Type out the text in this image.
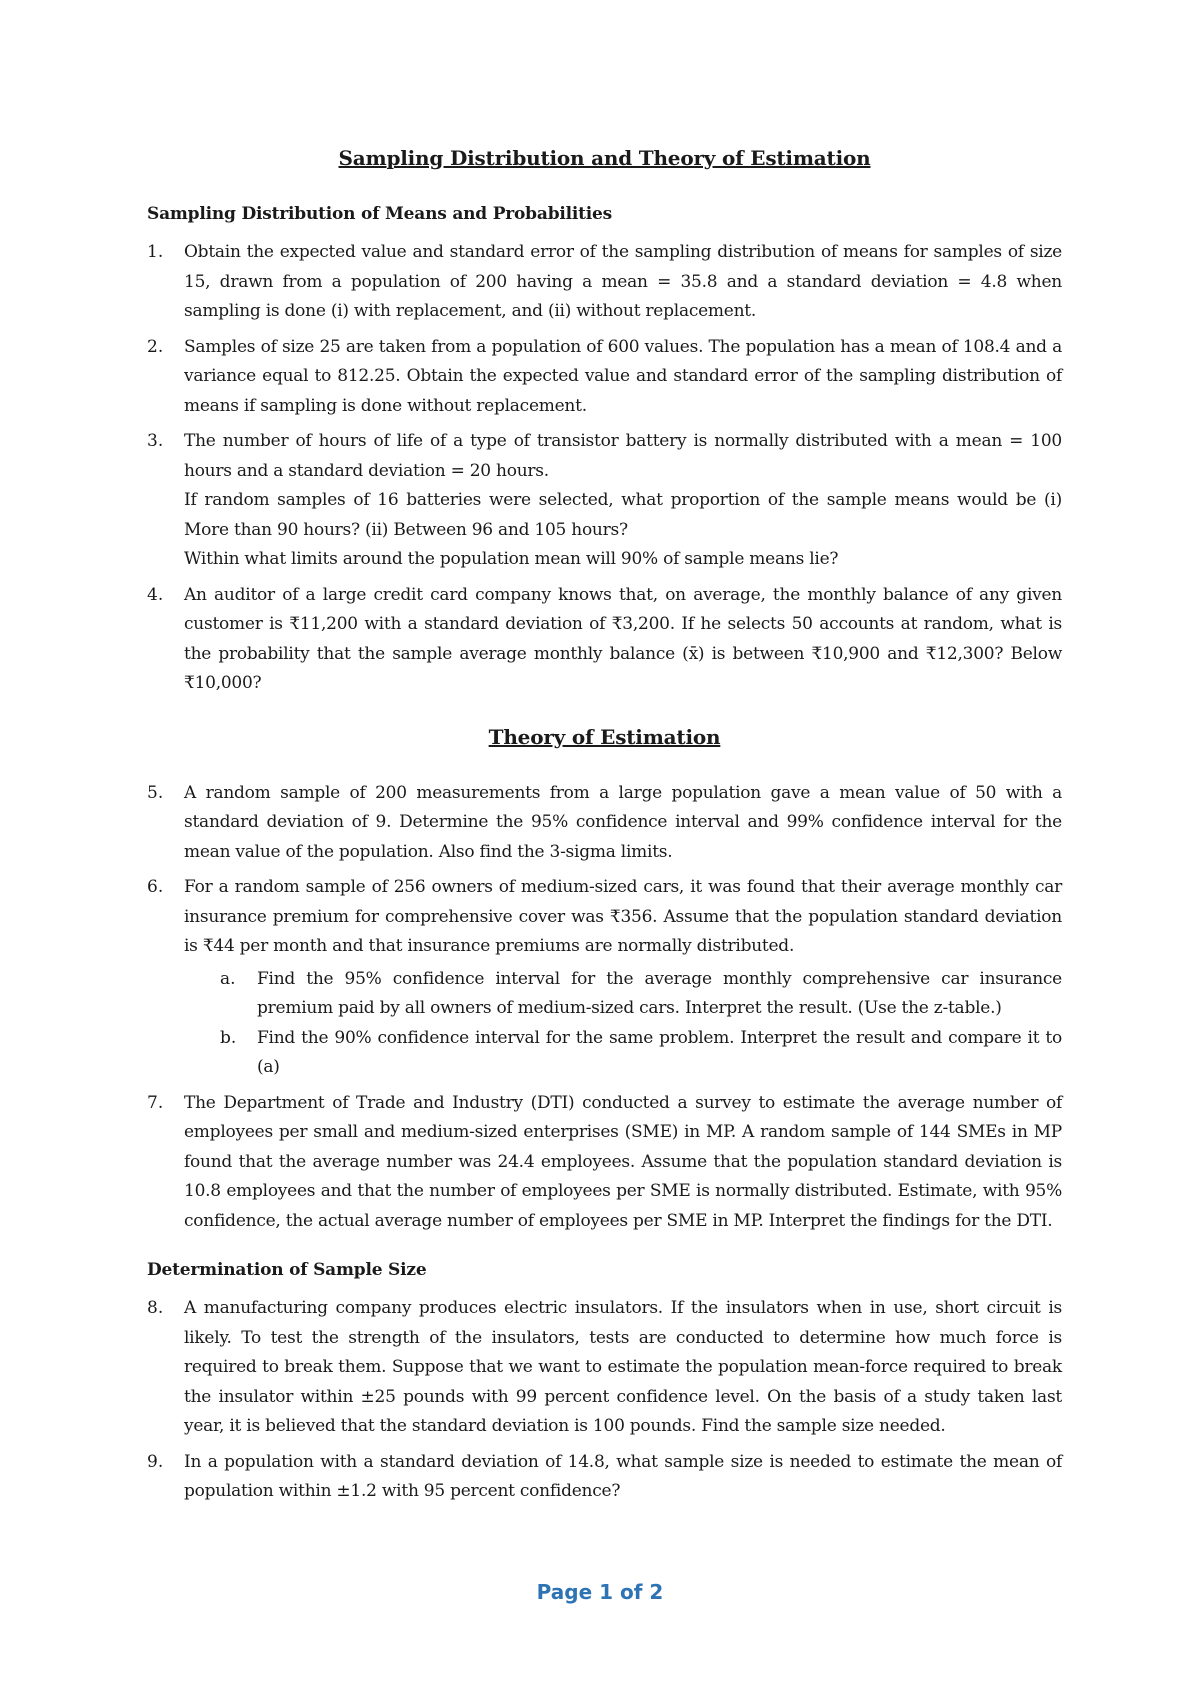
Sampling Distribution and Theory of Estimation
Sampling Distribution of Means and Probabilities
1. Obtain the expected value and standard error of the sampling distribution of means for samples of size 15, drawn from a population of 200 having a mean = 35.8 and a standard deviation = 4.8 when sampling is done (i) with replacement, and (ii) without replacement.
2. Samples of size 25 are taken from a population of 600 values. The population has a mean of 108.4 and a variance equal to 812.25. Obtain the expected value and standard error of the sampling distribution of means if sampling is done without replacement.
3. The number of hours of life of a type of transistor battery is normally distributed with a mean = 100 hours and a standard deviation = 20 hours.
If random samples of 16 batteries were selected, what proportion of the sample means would be (i) More than 90 hours? (ii) Between 96 and 105 hours?
Within what limits around the population mean will 90% of sample means lie?
4. An auditor of a large credit card company knows that, on average, the monthly balance of any given customer is ₹11,200 with a standard deviation of ₹3,200. If he selects 50 accounts at random, what is the probability that the sample average monthly balance (x̄) is between ₹10,900 and ₹12,300? Below ₹10,000?
Theory of Estimation
5. A random sample of 200 measurements from a large population gave a mean value of 50 with a standard deviation of 9. Determine the 95% confidence interval and 99% confidence interval for the mean value of the population. Also find the 3-sigma limits.
6. For a random sample of 256 owners of medium-sized cars, it was found that their average monthly car insurance premium for comprehensive cover was ₹356. Assume that the population standard deviation is ₹44 per month and that insurance premiums are normally distributed.
a. Find the 95% confidence interval for the average monthly comprehensive car insurance premium paid by all owners of medium-sized cars. Interpret the result. (Use the z-table.)
b. Find the 90% confidence interval for the same problem. Interpret the result and compare it to (a)
7. The Department of Trade and Industry (DTI) conducted a survey to estimate the average number of employees per small and medium-sized enterprises (SME) in MP. A random sample of 144 SMEs in MP found that the average number was 24.4 employees. Assume that the population standard deviation is 10.8 employees and that the number of employees per SME is normally distributed. Estimate, with 95% confidence, the actual average number of employees per SME in MP. Interpret the findings for the DTI.
Determination of Sample Size
8. A manufacturing company produces electric insulators. If the insulators when in use, short circuit is likely. To test the strength of the insulators, tests are conducted to determine how much force is required to break them. Suppose that we want to estimate the population mean-force required to break the insulator within ±25 pounds with 99 percent confidence level. On the basis of a study taken last year, it is believed that the standard deviation is 100 pounds. Find the sample size needed.
9. In a population with a standard deviation of 14.8, what sample size is needed to estimate the mean of population within ±1.2 with 95 percent confidence?
Page 1 of 2
